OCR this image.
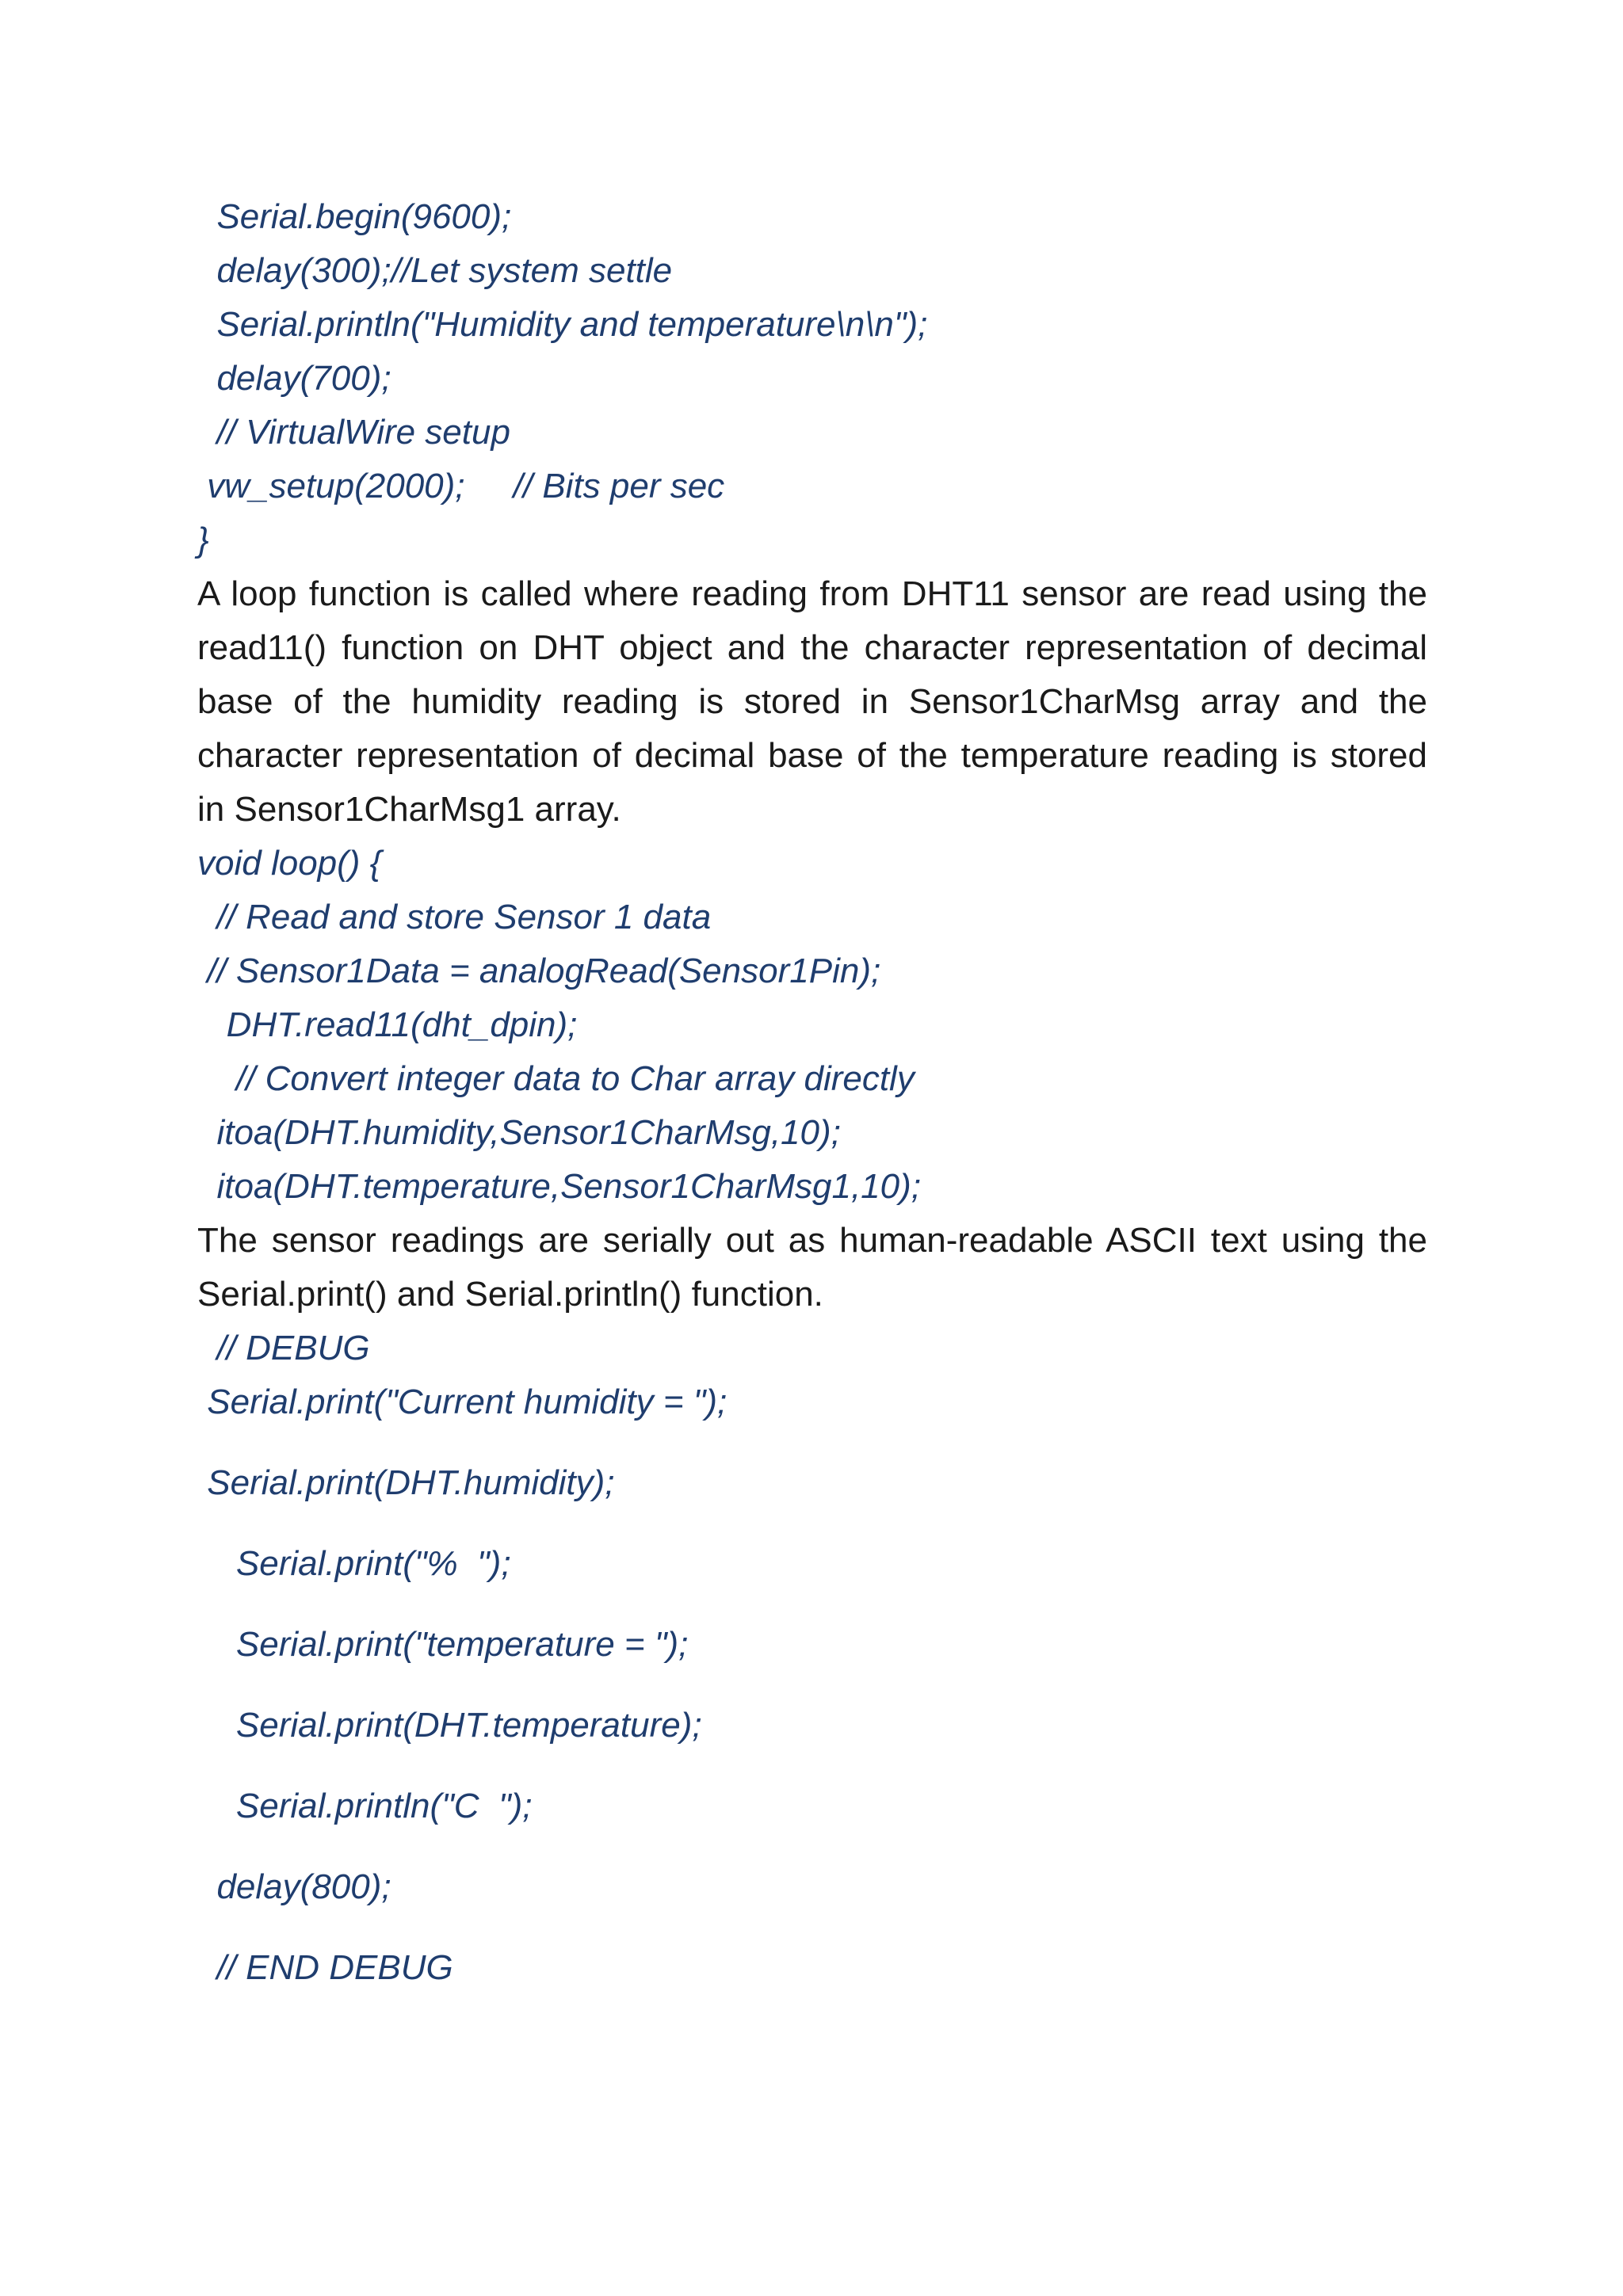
Serial.begin(9600);
delay(300);//Let system settle
Serial.println("Humidity and temperature\n\n");
delay(700);
// VirtualWire setup
vw_setup(2000);     // Bits per sec
}

A loop function is called where reading from DHT11 sensor are read using the read11() function on DHT object and the character representation of decimal base of the humidity reading is stored in Sensor1CharMsg array and the character representation of decimal base of the temperature reading is stored in Sensor1CharMsg1 array.

void loop() {
// Read and store Sensor 1 data
// Sensor1Data = analogRead(Sensor1Pin);
DHT.read11(dht_dpin);
// Convert integer data to Char array directly
itoa(DHT.humidity,Sensor1CharMsg,10);
itoa(DHT.temperature,Sensor1CharMsg1,10);

The sensor readings are serially out as human-readable ASCII text using the Serial.print() and Serial.println() function.

// DEBUG
Serial.print("Current humidity = ");
Serial.print(DHT.humidity);
Serial.print("%  ");
Serial.print("temperature = ");
Serial.print(DHT.temperature);
Serial.println("C  ");
delay(800);
// END DEBUG
